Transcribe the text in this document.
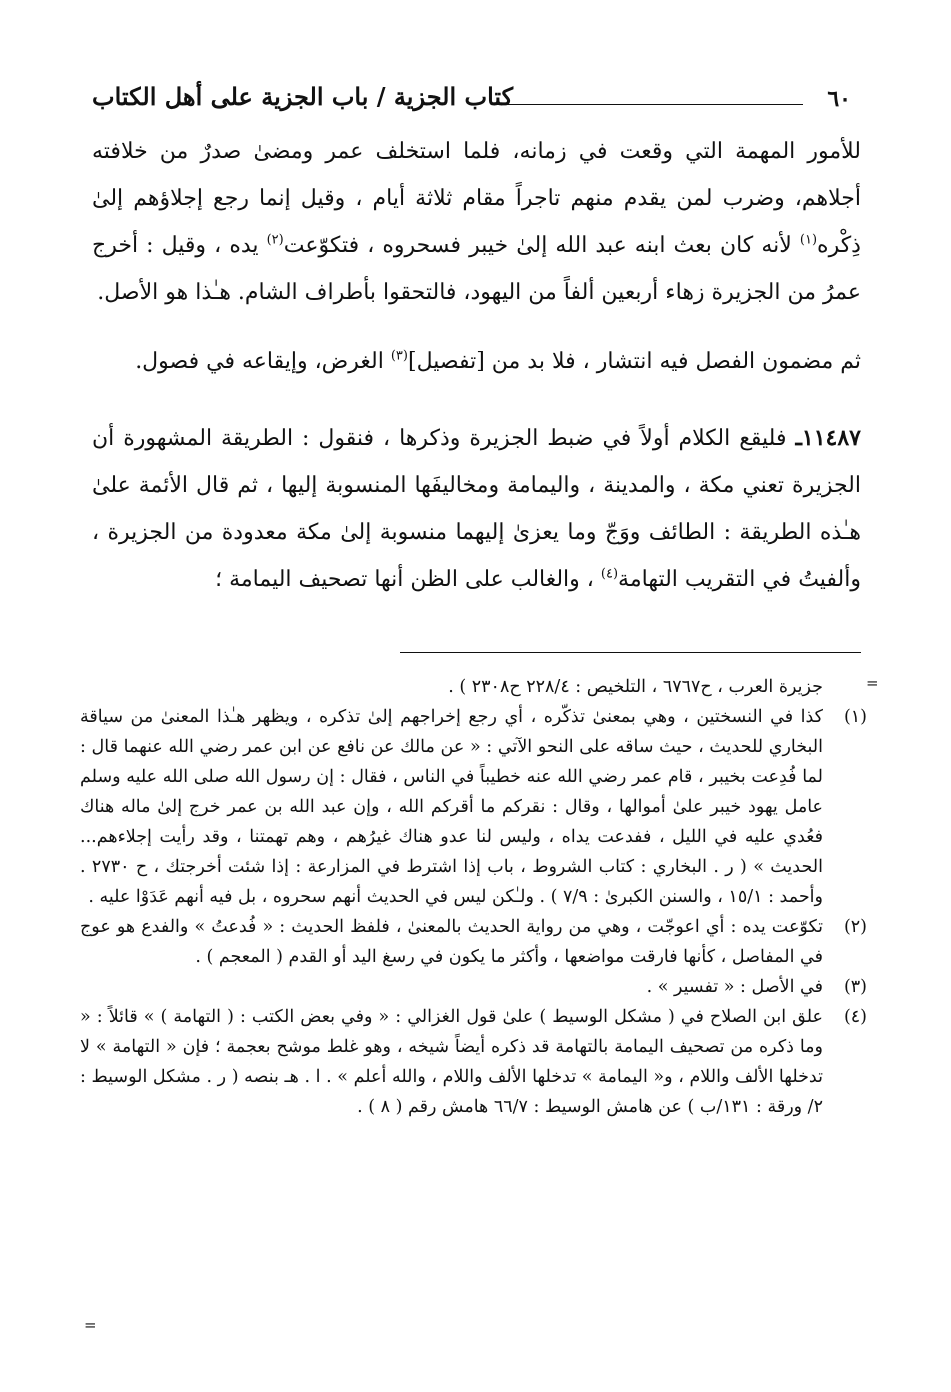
٦٠
كتاب الجزية / باب الجزية على أهل الكتاب

للأمور المهمة التي وقعت في زمانه، فلما استخلف عمر ومضىٰ صدرٌ من خلافته أجلاهم، وضرب لمن يقدم منهم تاجراً مقام ثلاثة أيام ، وقيل إنما رجع إجلاؤهم إلىٰ ذِكْره$^{(١)}$ لأنه كان بعث ابنه عبد الله إلىٰ خيبر فسحروه ، فتكوّعت$^{(٢)}$ يده ، وقيل : أخرج عمرُ من الجزيرة زهاء أربعين ألفاً من اليهود، فالتحقوا بأطراف الشام. هـٰذا هو الأصل.

ثم مضمون الفصل فيه انتشار ، فلا بد من [تفصيل]$^{(٣)}$ الغرض، وإيقاعه في فصول.

١١٤٨٧ـ فليقع الكلام أولاً في ضبط الجزيرة وذكرها ، فنقول : الطريقة المشهورة أن الجزيرة تعني مكة ، والمدينة ، واليمامة ومخاليفَها المنسوبة إليها ، ثم قال الأئمة علىٰ هـٰذه الطريقة : الطائف ووَجّ وما يعزىٰ إليهما منسوبة إلىٰ مكة معدودة من الجزيرة ، وألفيتُ في التقريب التهامة$^{(٤)}$ ، والغالب على الظن أنها تصحيف اليمامة ؛

=
جزيرة العرب ، ح٦٧٦٧ ، التلخيص : ٢٢٨/٤ ح٢٣٠٨ ) .
(١)
كذا في النسختين ، وهي بمعنىٰ تذكّره ، أي رجع إخراجهم إلىٰ تذكره ، ويظهر هـٰذا المعنىٰ من سياقة البخاري للحديث ، حيث ساقه على النحو الآتي : « عن مالك عن نافع عن ابن عمر رضي الله عنهما قال : لما فُدِعت بخيبر ، قام عمر رضي الله عنه خطيباً في الناس ، فقال : إن رسول الله صلى الله عليه وسلم عامل يهود خيبر علىٰ أموالها ، وقال : نقركم ما أقركم الله ، وإن عبد الله بن عمر خرج إلىٰ ماله هناك فعُدي عليه في الليل ، ففدعت يداه ، وليس لنا عدو هناك غيرُهم ، وهم تهمتنا ، وقد رأيت إجلاءهم... الحديث » ( ر . البخاري : كتاب الشروط ، باب إذا اشترط في المزارعة : إذا شئت أخرجتك ، ح ٢٧٣٠ . وأحمد : ١٥/١ ، والسنن الكبرىٰ : ٧/٩ ) . ولـٰكن ليس في الحديث أنهم سحروه ، بل فيه أنهم عَدَوْا عليه .
(٢)
تكوّعت يده : أي اعوجّت ، وهي من رواية الحديث بالمعنىٰ ، فلفظ الحديث : « فُدعتُ » والفدع هو عوج في المفاصل ، كأنها فارقت مواضعها ، وأكثر ما يكون في رسغ اليد أو القدم ( المعجم ) .
(٣)
في الأصل : « تفسير » .
(٤)
علق ابن الصلاح في ( مشكل الوسيط ) علىٰ قول الغزالي : « وفي بعض الكتب : ( التهامة ) » قائلاً : « وما ذكره من تصحيف اليمامة بالتهامة قد ذكره أيضاً شيخه ، وهو غلط موشح بعجمة ؛ فإن « التهامة » لا تدخلها الألف واللام ، و« اليمامة » تدخلها الألف واللام ، والله أعلم » . ا . هـ بنصه ( ر . مشكل الوسيط : ٢/ ورقة : ١٣١/ب ) عن هامش الوسيط : ٦٦/٧ هامش رقم ( ٨ ) .
=
